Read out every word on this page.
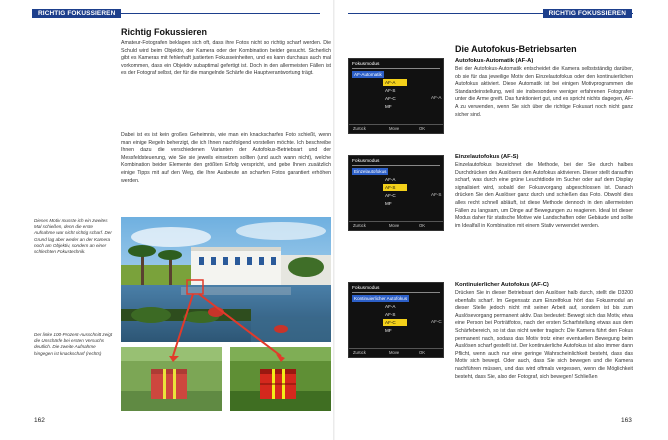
RICHTIG FOKUSSIEREN
Richtig Fokussieren
Amateur-Fotografen beklagen sich oft, dass ihre Fotos nicht so richtig scharf werden. Die Schuld wird beim Objektiv, der Kamera oder der Kombination beider gesucht. Sicherlich gibt es Kameras mit fehlerhaft justierten Fokusseinheiten, und es kann durchaus auch mal vorkommen, dass ein Objektiv subaptimal gefertigt ist. Doch in den allermeisten Fällen ist es der Fotograf selbst, der für die mangelnde Schärfe die Hauptverantwortung trägt.
Dabei ist es ist kein großes Geheimnis, wie man ein knackscharfes Foto schießt, wenn man einige Regeln beherzigt, die ich Ihnen nachfolgend vorstellen möchte. Ich beschreibe Ihnen dazu die verschiedenen Varianten der Autofokus-Betriebsart und der Messfeldsteuerung, wie Sie sie jeweils einsetzen sollten (und auch wann nicht), welche Kombination beider Elemente den größten Erfolg verspricht, und gebe Ihnen zusätzlich einige Tipps mit auf den Weg, die Ihre Ausbeute an scharfen Fotos garantiert erhöhen werden.
Dieses Motiv musste ich ein zweites Mal schießen, denn die erste Aufnahme war nicht richtig scharf. Der Grund lag aber weder an der Kamera noch am Objektiv, sondern an einer schlechten Fokustechnik.
Der linke 100-Prozent-Ausschnitt zeigt die Unschärfe bei ersten Versuchs deutlich. Die zweite Aufnahme hingegen ist knackscharf (rechts)
162
RICHTIG FOKUSSIEREN
Die Autofokus-Betriebsarten
Autofokus-Automatik (AF-A)
Bei der Autofokus-Automatik entscheidet die Kamera selbstständig darüber, ob sie für das jeweilige Motiv den Einzelautofokus oder den kontinuierlichen Autofokus aktiviert. Diese Automatik ist bei einigen Motivprogrammen die Standardeinstellung, weil sie insbesondere weniger erfahrenen Fotografen unter die Arme greift. Das funktioniert gut, und es spricht nichts dagegen, AF-A zu verwenden, wenn Sie sich über die richtige Fokusart noch nicht ganz sicher sind.
Einzelautofokus (AF-S)
Einzelautofokus bezeichnet die Methode, bei der Sie durch halbes Durchdrücken des Auslösers den Autofokus aktivieren. Dieser stellt daraufhin scharf, was durch eine grüne Leuchtdiode im Sucher oder auf dem Display signalisiert wird, sobald der Fokusvorgang abgeschlossen ist. Danach drücken Sie den Auslöser ganz durch und schießen das Foto. Obwohl dies alles recht schnell abläuft, ist diese Methode dennoch in den allermeisten Fällen zu langsam, um Dinge auf Bewegungen zu reagieren. Ideal ist dieser Modus daher für statische Motive wie Landschaften oder Gebäude und sollte im Idealfall in Kombination mit einem Stativ verwendet werden.
Kontinuierlicher Autofokus (AF-C)
Drücken Sie in dieser Betriebsart den Auslöser halb durch, stellt die D3200 ebenfalls scharf. Im Gegensatz zum Einzelfokus hört das Fokusmodul an dieser Stelle jedoch nicht mit seiner Arbeit auf, sondern ist bis zum Auslösevorgang permanent aktiv. Das bedeutet: Bewegt sich das Motiv, etwa eine Person bei Porträtfotos, nach der ersten Scharfstellung etwas aus dem Schärfebereich, so ist das nicht weiter tragisch: Die Kamera führt den Fokus permanent nach, sodass das Motiv trotz einer eventuellen Bewegung beim Auslösen scharf gestellt ist. Der kontinuierliche Autofokus ist also immer dann Pflicht, wenn auch nur eine geringe Wahrscheinlichkeit besteht, dass das Motiv sich bewegt. Oder auch, dass Sie sich bewegen und die Kamera nachführen müssen, und das wird oftmals vergessen, wenn die Möglichkeit besteht, dass Sie, also der Fotograf, sich bewegen! Schließen
Fokusmodus
AF-Automatik
AF-A
AF-S
AF-C
MF
AF-A
Zurück	Move	OK
Fokusmodus
Einzelautofokus
AF-A
AF-S
AF-C
MF
AF-S
Zurück	Move	OK
Fokusmodus
Kontinuierlicher Autofokus
AF-A
AF-S
AF-C
MF
AF-C
Zurück	Move	OK
163
